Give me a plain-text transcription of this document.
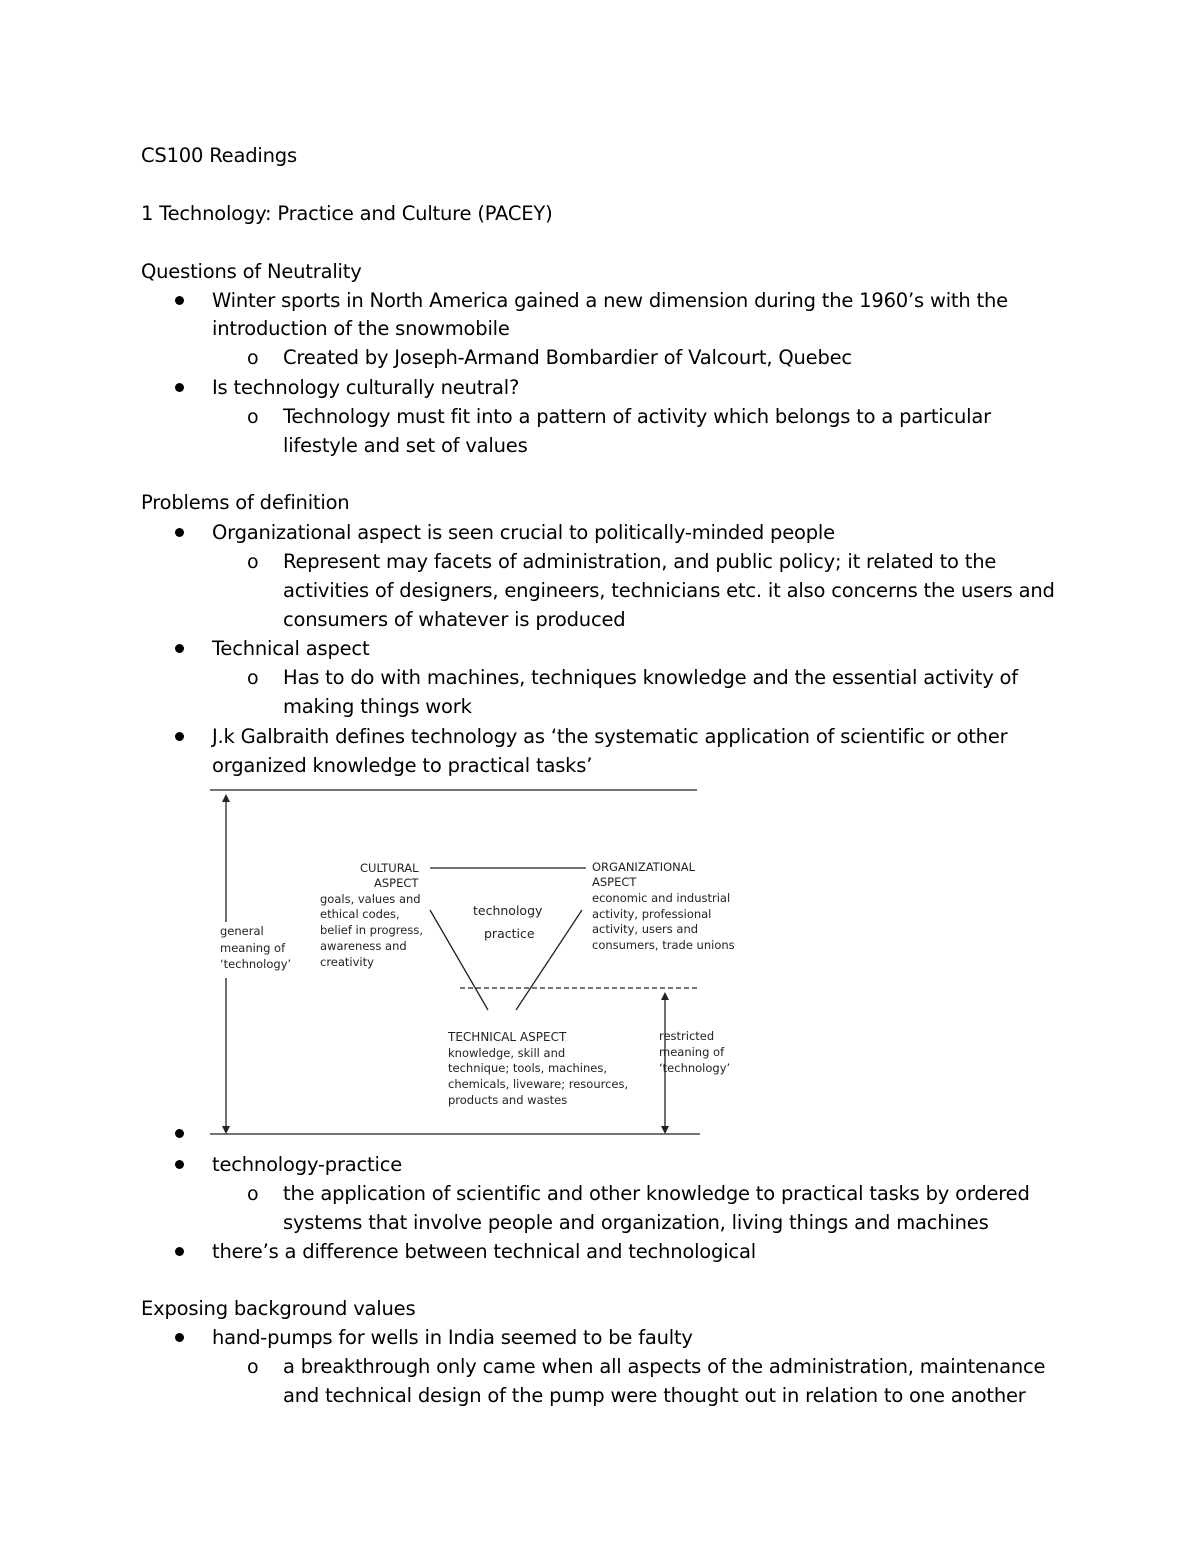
CS100 Readings
1 Technology: Practice and Culture (PACEY)
Questions of Neutrality
Winter sports in North America gained a new dimension during the 1960’s with the
introduction of the snowmobile
o Created by Joseph-Armand Bombardier of Valcourt, Quebec
Is technology culturally neutral?
o Technology must fit into a pattern of activity which belongs to a particular
lifestyle and set of values
Problems of definition
Organizational aspect is seen crucial to politically-minded people
o Represent may facets of administration, and public policy; it related to the
activities of designers, engineers, technicians etc. it also concerns the users and
consumers of whatever is produced
Technical aspect
o Has to do with machines, techniques knowledge and the essential activity of
making things work
J.k Galbraith defines technology as ‘the systematic application of scientific or other
organized knowledge to practical tasks’
CULTURAL
ASPECT
goals, values and
ethical codes,
belief in progress,
awareness and
creativity
ORGANIZATIONAL
ASPECT
economic and industrial
activity, professional
activity, users and
consumers, trade unions
technology
practice
general
meaning of
‘technology’
TECHNICAL ASPECT
knowledge, skill and
technique; tools, machines,
chemicals, liveware; resources,
products and wastes
restricted
meaning of
‘technology’
technology-practice
o the application of scientific and other knowledge to practical tasks by ordered
systems that involve people and organization, living things and machines
there’s a difference between technical and technological
Exposing background values
hand-pumps for wells in India seemed to be faulty
o a breakthrough only came when all aspects of the administration, maintenance
and technical design of the pump were thought out in relation to one another
